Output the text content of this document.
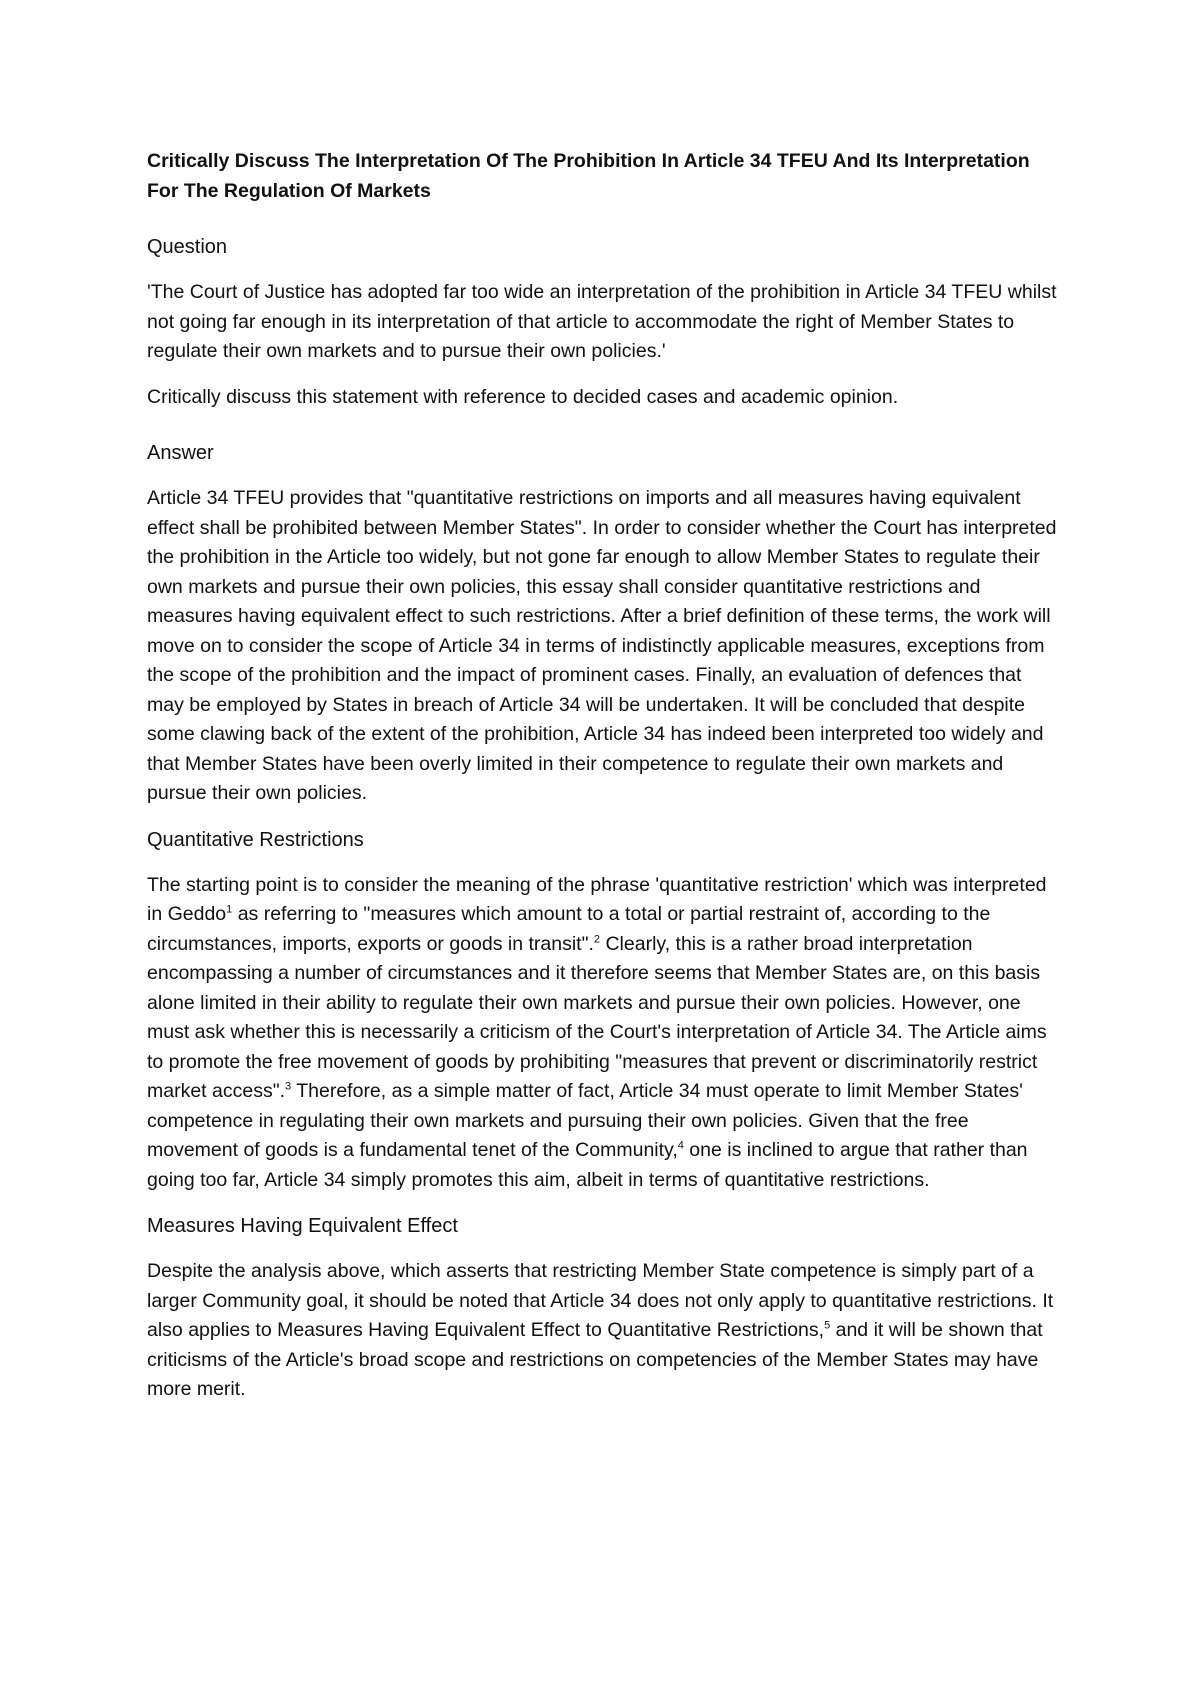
Critically Discuss The Interpretation Of The Prohibition In Article 34 TFEU And Its Interpretation For The Regulation Of Markets
Question
'The Court of Justice has adopted far too wide an interpretation of the prohibition in Article 34 TFEU whilst not going far enough in its interpretation of that article to accommodate the right of Member States to regulate their own markets and to pursue their own policies.'
Critically discuss this statement with reference to decided cases and academic opinion.
Answer
Article 34 TFEU provides that "quantitative restrictions on imports and all measures having equivalent effect shall be prohibited between Member States". In order to consider whether the Court has interpreted the prohibition in the Article too widely, but not gone far enough to allow Member States to regulate their own markets and pursue their own policies, this essay shall consider quantitative restrictions and measures having equivalent effect to such restrictions. After a brief definition of these terms, the work will move on to consider the scope of Article 34 in terms of indistinctly applicable measures, exceptions from the scope of the prohibition and the impact of prominent cases. Finally, an evaluation of defences that may be employed by States in breach of Article 34 will be undertaken. It will be concluded that despite some clawing back of the extent of the prohibition, Article 34 has indeed been interpreted too widely and that Member States have been overly limited in their competence to regulate their own markets and pursue their own policies.
Quantitative Restrictions
The starting point is to consider the meaning of the phrase 'quantitative restriction' which was interpreted in Geddo$^1$ as referring to "measures which amount to a total or partial restraint of, according to the circumstances, imports, exports or goods in transit".$^2$ Clearly, this is a rather broad interpretation encompassing a number of circumstances and it therefore seems that Member States are, on this basis alone limited in their ability to regulate their own markets and pursue their own policies. However, one must ask whether this is necessarily a criticism of the Court's interpretation of Article 34. The Article aims to promote the free movement of goods by prohibiting "measures that prevent or discriminatorily restrict market access".$^3$ Therefore, as a simple matter of fact, Article 34 must operate to limit Member States' competence in regulating their own markets and pursuing their own policies. Given that the free movement of goods is a fundamental tenet of the Community,$^4$ one is inclined to argue that rather than going too far, Article 34 simply promotes this aim, albeit in terms of quantitative restrictions.
Measures Having Equivalent Effect
Despite the analysis above, which asserts that restricting Member State competence is simply part of a larger Community goal, it should be noted that Article 34 does not only apply to quantitative restrictions. It also applies to Measures Having Equivalent Effect to Quantitative Restrictions,$^5$ and it will be shown that criticisms of the Article's broad scope and restrictions on competencies of the Member States may have more merit.
